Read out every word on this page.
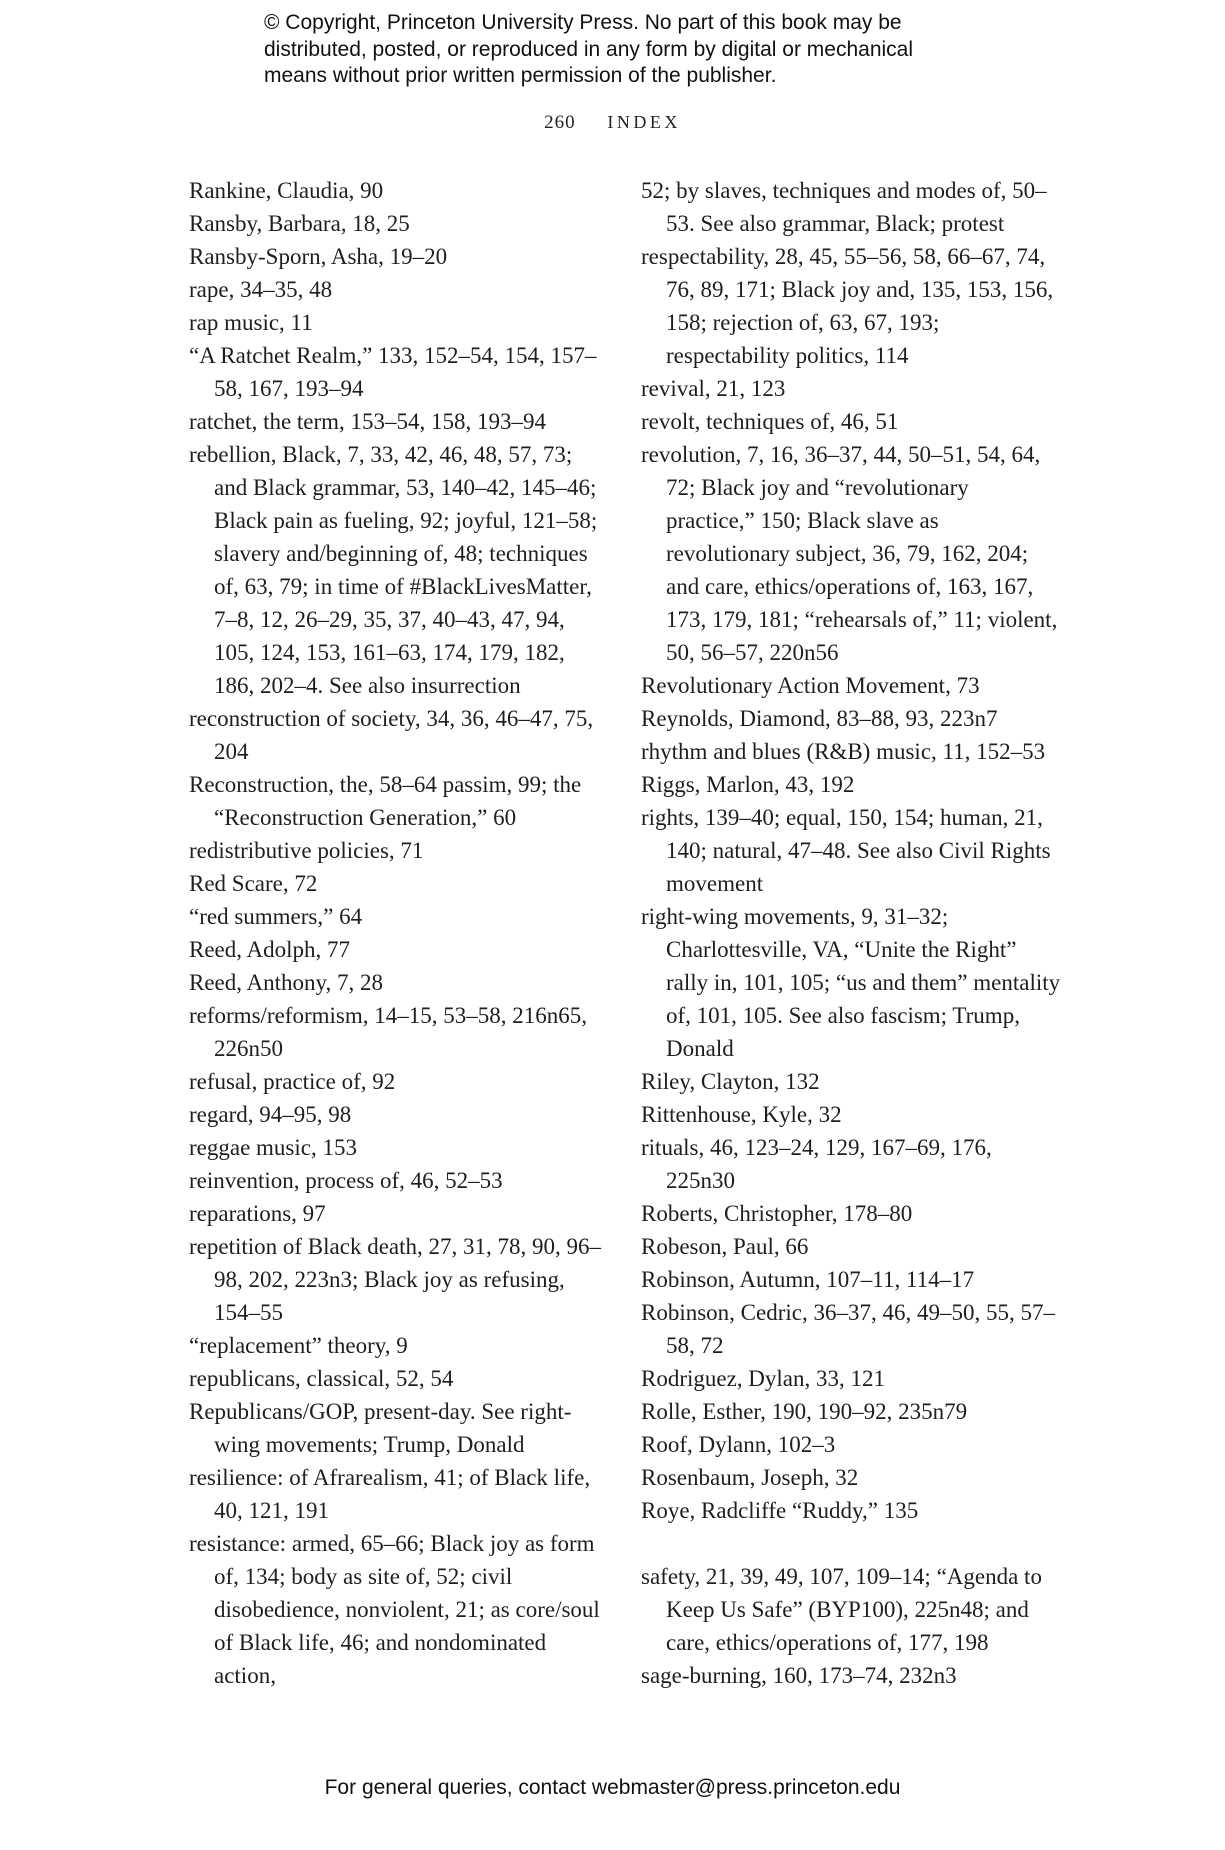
© Copyright, Princeton University Press. No part of this book may be
distributed, posted, or reproduced in any form by digital or mechanical
means without prior written permission of the publisher.
260 INDEX
Rankine, Claudia, 90
Ransby, Barbara, 18, 25
Ransby-Sporn, Asha, 19–20
rape, 34–35, 48
rap music, 11
“A Ratchet Realm,” 133, 152–54, 154, 157–58, 167, 193–94
ratchet, the term, 153–54, 158, 193–94
rebellion, Black, 7, 33, 42, 46, 48, 57, 73; and Black grammar, 53, 140–42, 145–46; Black pain as fueling, 92; joyful, 121–58; slavery and/beginning of, 48; techniques of, 63, 79; in time of #BlackLivesMatter, 7–8, 12, 26–29, 35, 37, 40–43, 47, 94, 105, 124, 153, 161–63, 174, 179, 182, 186, 202–4. See also insurrection
reconstruction of society, 34, 36, 46–47, 75, 204
Reconstruction, the, 58–64 passim, 99; the “Reconstruction Generation,” 60
redistributive policies, 71
Red Scare, 72
“red summers,” 64
Reed, Adolph, 77
Reed, Anthony, 7, 28
reforms/reformism, 14–15, 53–58, 216n65, 226n50
refusal, practice of, 92
regard, 94–95, 98
reggae music, 153
reinvention, process of, 46, 52–53
reparations, 97
repetition of Black death, 27, 31, 78, 90, 96–98, 202, 223n3; Black joy as refusing, 154–55
“replacement” theory, 9
republicans, classical, 52, 54
Republicans/GOP, present-day. See right-wing movements; Trump, Donald
resilience: of Afrarealism, 41; of Black life, 40, 121, 191
resistance: armed, 65–66; Black joy as form of, 134; body as site of, 52; civil disobedience, nonviolent, 21; as core/soul of Black life, 46; and nondominated action,
52; by slaves, techniques and modes of, 50–53. See also grammar, Black; protest
respectability, 28, 45, 55–56, 58, 66–67, 74, 76, 89, 171; Black joy and, 135, 153, 156, 158; rejection of, 63, 67, 193; respectability politics, 114
revival, 21, 123
revolt, techniques of, 46, 51
revolution, 7, 16, 36–37, 44, 50–51, 54, 64, 72; Black joy and “revolutionary practice,” 150; Black slave as revolutionary subject, 36, 79, 162, 204; and care, ethics/operations of, 163, 167, 173, 179, 181; “rehearsals of,” 11; violent, 50, 56–57, 220n56
Revolutionary Action Movement, 73
Reynolds, Diamond, 83–88, 93, 223n7
rhythm and blues (R&B) music, 11, 152–53
Riggs, Marlon, 43, 192
rights, 139–40; equal, 150, 154; human, 21, 140; natural, 47–48. See also Civil Rights movement
right-wing movements, 9, 31–32; Charlottesville, VA, “Unite the Right” rally in, 101, 105; “us and them” mentality of, 101, 105. See also fascism; Trump, Donald
Riley, Clayton, 132
Rittenhouse, Kyle, 32
rituals, 46, 123–24, 129, 167–69, 176, 225n30
Roberts, Christopher, 178–80
Robeson, Paul, 66
Robinson, Autumn, 107–11, 114–17
Robinson, Cedric, 36–37, 46, 49–50, 55, 57–58, 72
Rodriguez, Dylan, 33, 121
Rolle, Esther, 190, 190–92, 235n79
Roof, Dylann, 102–3
Rosenbaum, Joseph, 32
Roye, Radcliffe “Ruddy,” 135
safety, 21, 39, 49, 107, 109–14; “Agenda to Keep Us Safe” (BYP100), 225n48; and care, ethics/operations of, 177, 198
sage-burning, 160, 173–74, 232n3
For general queries, contact webmaster@press.princeton.edu
